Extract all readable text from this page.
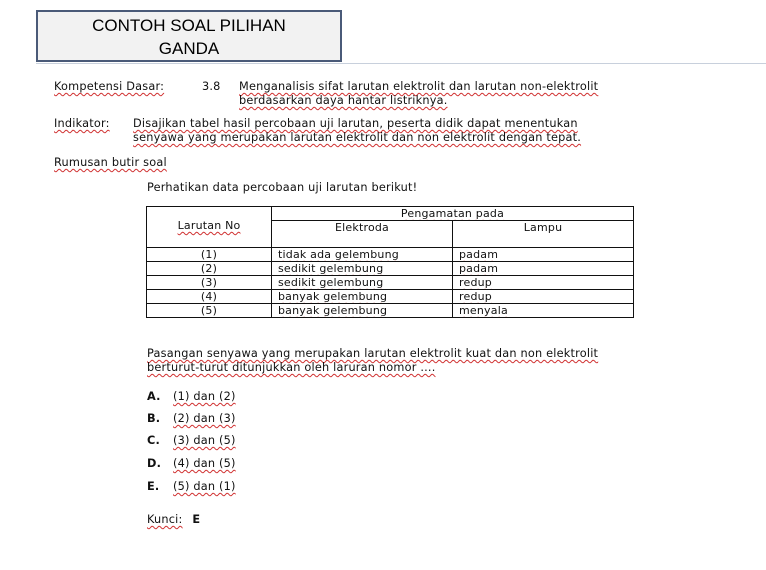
CONTOH SOAL PILIHAN
GANDA
Kompetensi Dasar:	3.8 Menganalisis sifat larutan elektrolit dan larutan non-elektrolit
berdasarkan daya hantar listriknya.
Indikator: Disajikan tabel hasil percobaan uji larutan, peserta didik dapat menentukan
senyawa yang merupakan larutan elektrolit dan non elektrolit dengan tepat.
Rumusan butir soal
Perhatikan data percobaan uji larutan berikut!
Larutan No	Pengamatan pada	
	Elektroda	Lampu
(1)	tidak ada gelembung	padam
(2)	sedikit gelembung	padam
(3)	sedikit gelembung	redup
(4)	banyak gelembung	redup
(5)	banyak gelembung	menyala
Pasangan senyawa yang merupakan larutan elektrolit kuat dan non elektrolit
berturut-turut ditunjukkan oleh laruran nomor ....
A. (1) dan (2)
B. (2) dan (3)
C. (3) dan (5)
D. (4) dan (5)
E. (5) dan (1)
Kunci: E
